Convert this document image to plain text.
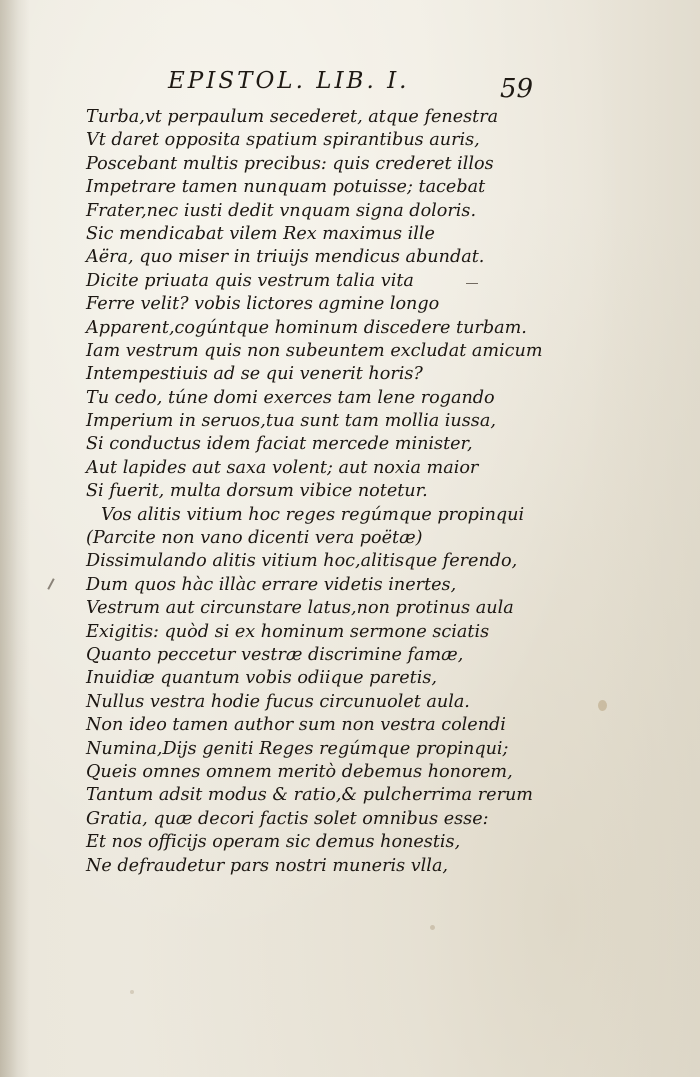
EPISTOL. LIB. I.	59
Turba,vt perpaulum secederet, atque fenestra
Vt daret opposita spatium spirantibus auris,
Poscebant multis precibus: quis crederet illos
Impetrare tamen nunquam potuisse; tacebat
Frater,nec iusti dedit vnquam signa doloris.
Sic mendicabat vilem Rex maximus ille
Aëra, quo miser in triuijs mendicus abundat.
Dicite priuata quis vestrum talia vita
Ferre velit? vobis lictores agmine longo
Apparent,cogúntque hominum discedere turbam.
Iam vestrum quis non subeuntem excludat amicum
Intempestiuis ad se qui venerit horis?
Tu cedo, túne domi exerces tam lene rogando
Imperium in seruos,tua sunt tam mollia iussa,
Si conductus idem faciat mercede minister,
Aut lapides aut saxa volent; aut noxia maior
Si fuerit, multa dorsum vibice notetur.
Vos alitis vitium hoc reges regúmque propinqui
(Parcite non vano dicenti vera poëtæ)
Dissimulando alitis vitium hoc,alitisque ferendo,
Dum quos hàc illàc errare videtis inertes,
Vestrum aut circunstare latus,non protinus aula
Exigitis: quòd si ex hominum sermone sciatis
Quanto peccetur vestræ discrimine famæ,
Inuidiæ quantum vobis odiique paretis,
Nullus vestra hodie fucus circunuolet aula.
Non ideo tamen author sum non vestra colendi
Numina,Dijs geniti Reges regúmque propinqui;
Queis omnes omnem meritò debemus honorem,
Tantum adsit modus & ratio,& pulcherrima rerum
Gratia, quæ decori factis solet omnibus esse:
Et nos officijs operam sic demus honestis,
Ne defraudetur pars nostri muneris vlla,
